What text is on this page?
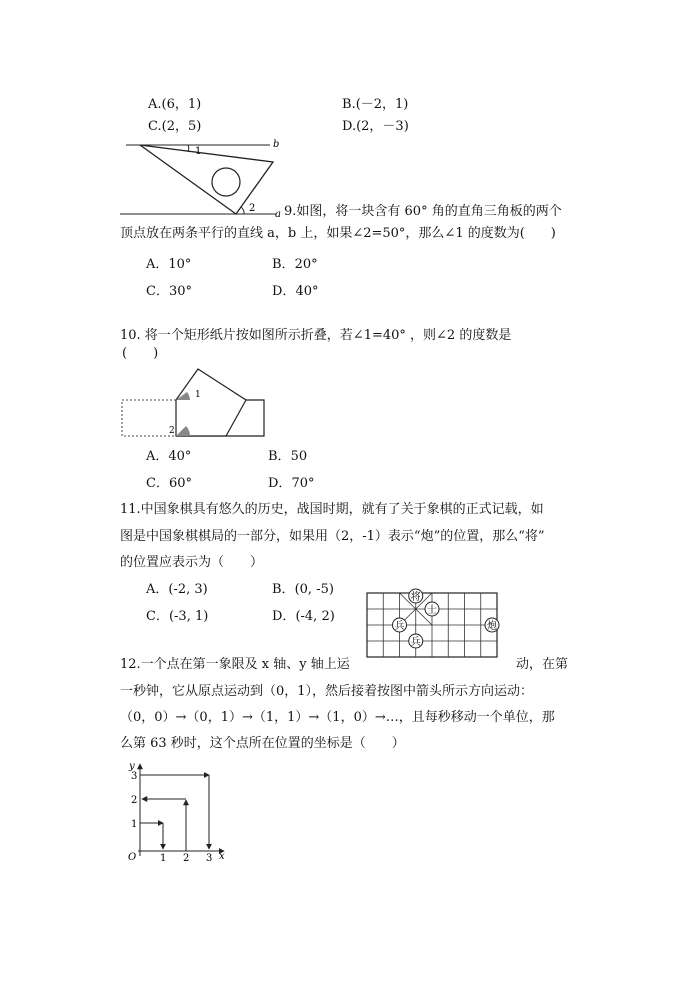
A.(6，1)	B.(－2，1)
C.(2，5)	D.(2，－3)
b
1
2
a 9.如图，将一块含有 60° 角的直角三角板的两个
顶点放在两条平行的直线 a，b 上，如果∠2=50°，那么∠1 的度数为(　　)
A．10°	B．20°
C．30°	D．40°
10. 将一个矩形纸片按如图所示折叠，若∠1=40° ，则∠2 的度数是
(　　)
1
2
A．40°	B．50
C．60°	D．70°
11.中国象棋具有悠久的历史，战国时期，就有了关于象棋的正式记载，如
图是中国象棋棋局的一部分，如果用（2，-1）表示“炮”的位置，那么“将”
的位置应表示为（　　）
A．(-2, 3)	B．(0, -5)
C．(-3, 1)	D．(-4, 2)
将
士
兵	炮
兵
12.一个点在第一象限及 x 轴、y 轴上运	动，在第
一秒钟，它从原点运动到（0，1），然后接着按图中箭头所示方向运动：
（0，0）→（0，1）→（1，1）→（1，0）→…，且每秒移动一个单位，那
么第 63 秒时，这个点所在位置的坐标是（　　）
y
x
O 1 2 3
1
2
3
